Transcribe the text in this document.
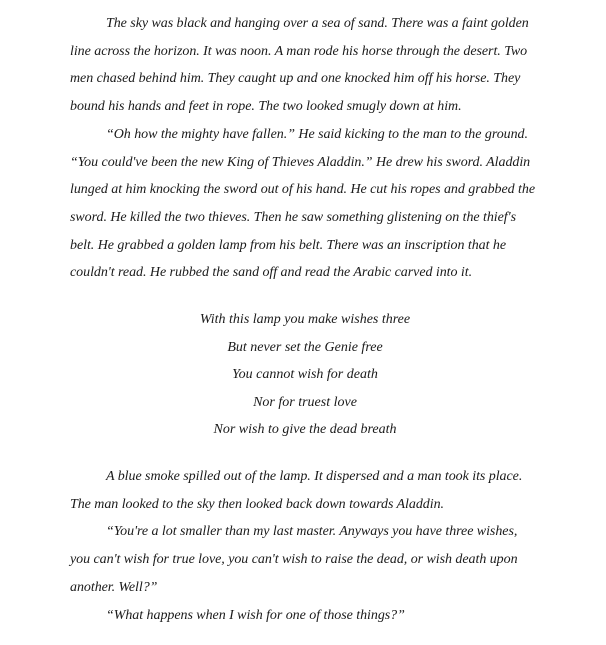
The sky was black and hanging over a sea of sand. There was a faint golden line across the horizon. It was noon. A man rode his horse through the desert. Two men chased behind him. They caught up and one knocked him off his horse. They bound his hands and feet in rope. The two looked smugly down at him.

“Oh how the mighty have fallen.” He said kicking to the man to the ground. “You could've been the new King of Thieves Aladdin.” He drew his sword. Aladdin lunged at him knocking the sword out of his hand. He cut his ropes and grabbed the sword. He killed the two thieves. Then he saw something glistening on the thief's belt. He grabbed a golden lamp from his belt. There was an inscription that he couldn't read. He rubbed the sand off and read the Arabic carved into it.

With this lamp you make wishes three
But never set the Genie free
You cannot wish for death
Nor for truest love
Nor wish to give the dead breath

A blue smoke spilled out of the lamp. It dispersed and a man took its place. The man looked to the sky then looked back down towards Aladdin.

“You're a lot smaller than my last master. Anyways you have three wishes, you can't wish for true love, you can't wish to raise the dead, or wish death upon another. Well?”

“What happens when I wish for one of those things?”
